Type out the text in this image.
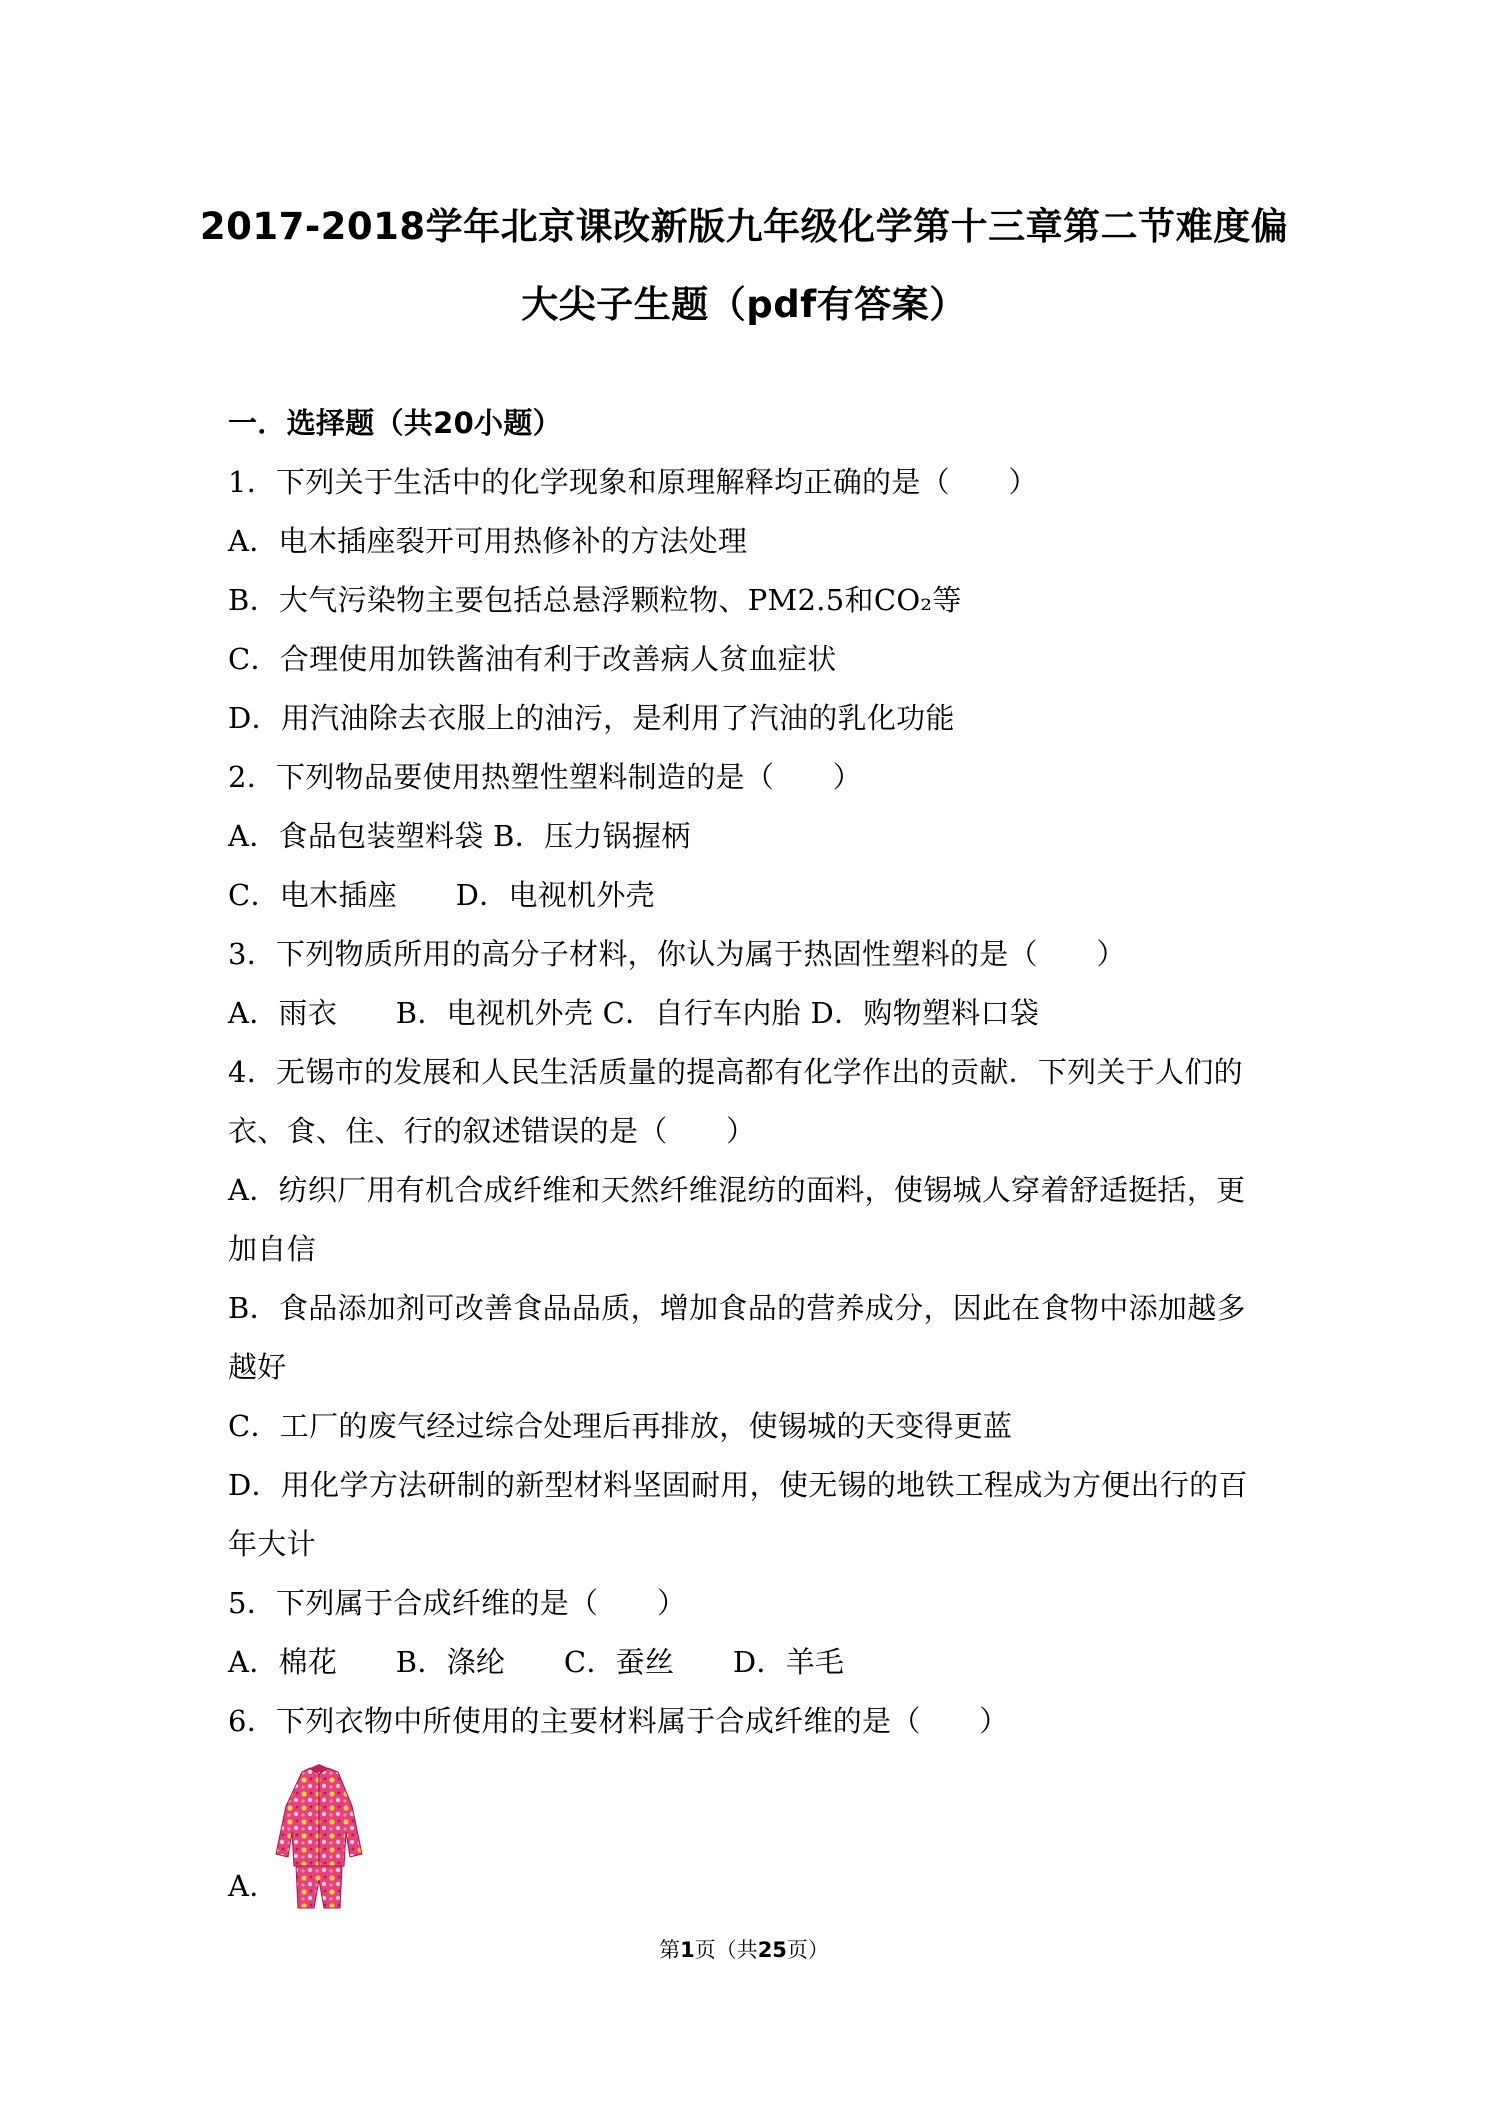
2017-2018学年北京课改新版九年级化学第十三章第二节难度偏
大尖子生题（pdf有答案）
一．选择题（共20小题）
1．下列关于生活中的化学现象和原理解释均正确的是（　　）
A．电木插座裂开可用热修补的方法处理
B．大气污染物主要包括总悬浮颗粒物、PM2.5和CO₂等
C．合理使用加铁酱油有利于改善病人贫血症状
D．用汽油除去衣服上的油污，是利用了汽油的乳化功能
2．下列物品要使用热塑性塑料制造的是（　　）
A．食品包装塑料袋 B．压力锅握柄
C．电木插座　　D．电视机外壳
3．下列物质所用的高分子材料，你认为属于热固性塑料的是（　　）
A．雨衣　　B．电视机外壳 C．自行车内胎 D．购物塑料口袋
4．无锡市的发展和人民生活质量的提高都有化学作出的贡献．下列关于人们的
衣、食、住、行的叙述错误的是（　　）
A．纺织厂用有机合成纤维和天然纤维混纺的面料，使锡城人穿着舒适挺括，更
加自信
B．食品添加剂可改善食品品质，增加食品的营养成分，因此在食物中添加越多
越好
C．工厂的废气经过综合处理后再排放，使锡城的天变得更蓝
D．用化学方法研制的新型材料坚固耐用，使无锡的地铁工程成为方便出行的百
年大计
5．下列属于合成纤维的是（　　）
A．棉花　　B．涤纶　　C．蚕丝　　D．羊毛
6．下列衣物中所使用的主要材料属于合成纤维的是（　　）
A．
第1页（共25页）
